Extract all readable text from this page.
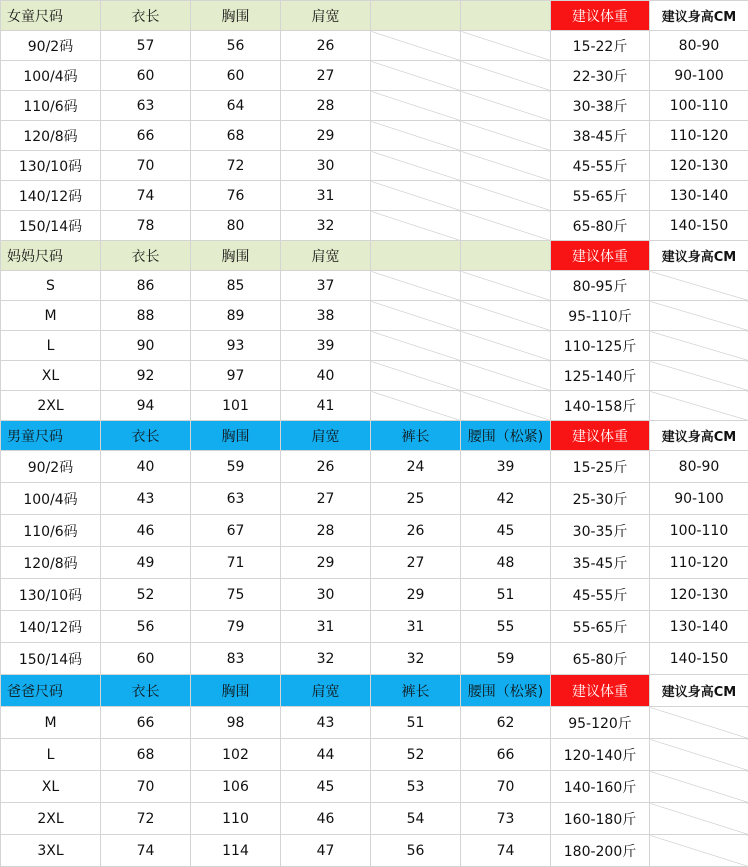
女童尺码	衣长	胸围	肩宽			建议体重	建议身高CM
90/2码	57	56	26			15-22斤	80-90
100/4码	60	60	27			22-30斤	90-100
110/6码	63	64	28			30-38斤	100-110
120/8码	66	68	29			38-45斤	110-120
130/10码	70	72	30			45-55斤	120-130
140/12码	74	76	31			55-65斤	130-140
150/14码	78	80	32			65-80斤	140-150
妈妈尺码	衣长	胸围	肩宽			建议体重	建议身高CM
S	86	85	37			80-95斤	
M	88	89	38			95-110斤	
L	90	93	39			110-125斤	
XL	92	97	40			125-140斤	
2XL	94	101	41			140-158斤	
男童尺码	衣长	胸围	肩宽	裤长	腰围（松紧)	建议体重	建议身高CM
90/2码	40	59	26	24	39	15-25斤	80-90
100/4码	43	63	27	25	42	25-30斤	90-100
110/6码	46	67	28	26	45	30-35斤	100-110
120/8码	49	71	29	27	48	35-45斤	110-120
130/10码	52	75	30	29	51	45-55斤	120-130
140/12码	56	79	31	31	55	55-65斤	130-140
150/14码	60	83	32	32	59	65-80斤	140-150
爸爸尺码	衣长	胸围	肩宽	裤长	腰围（松紧)	建议体重	建议身高CM
M	66	98	43	51	62	95-120斤	
L	68	102	44	52	66	120-140斤	
XL	70	106	45	53	70	140-160斤	
2XL	72	110	46	54	73	160-180斤	
3XL	74	114	47	56	74	180-200斤	
